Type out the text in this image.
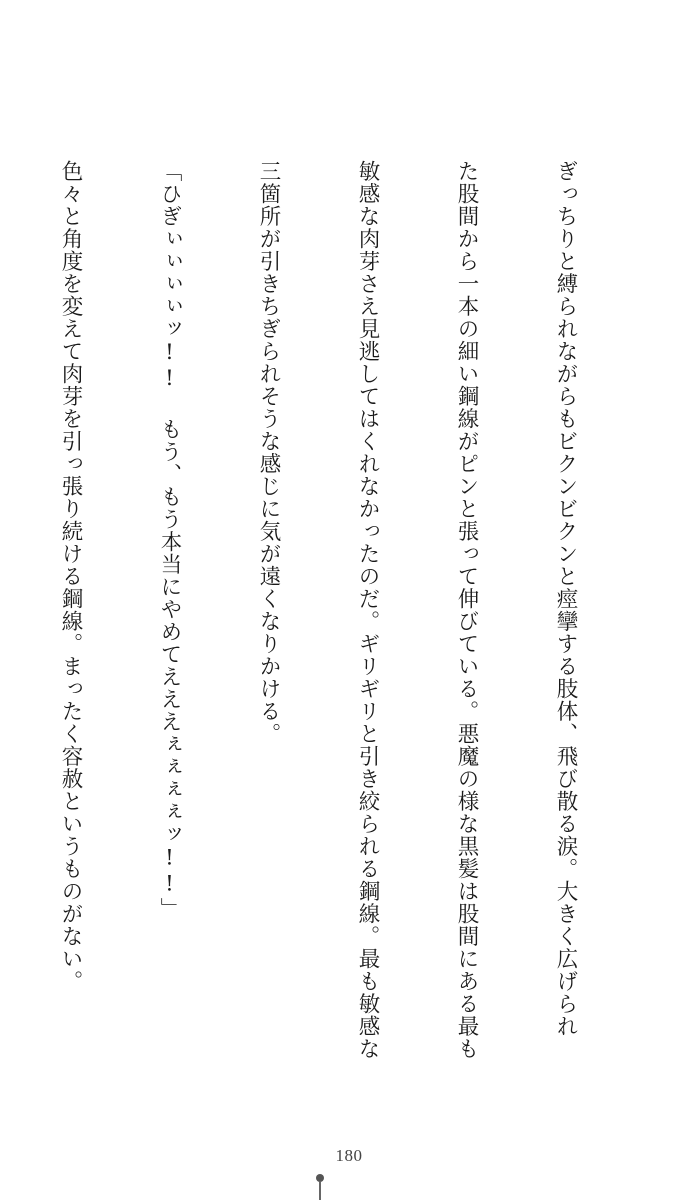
ぎっちりと縛られながらもビクンビクンと痙攣する肢体、飛び散る涙。大きく広げられ

た股間から一本の細い鋼線がピンと張って伸びている。悪魔の様な黒髪は股間にある最も

敏感な肉芽さえ見逃してはくれなかったのだ。ギリギリと引き絞られる鋼線。最も敏感な

三箇所が引きちぎられそうな感じに気が遠くなりかける。

「ひぎぃぃぃぃッ!! もう、もう本当にやめてえええぇぇぇぇッ!!」

色々と角度を変えて肉芽を引っ張り続ける鋼線。まったく容赦というものがない。

180
